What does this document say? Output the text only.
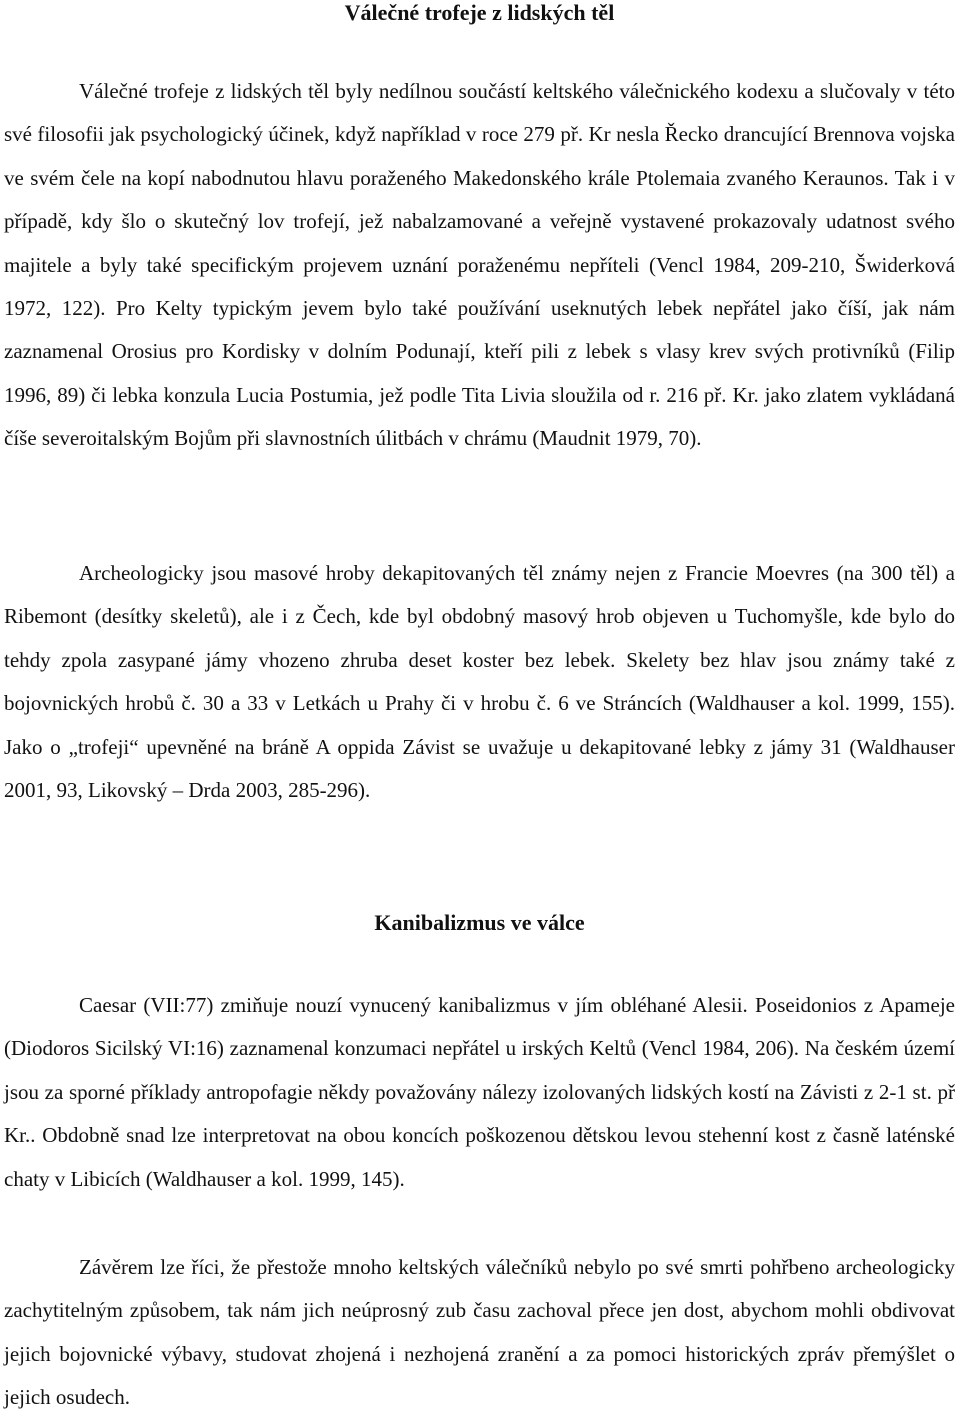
Válečné trofeje z lidských těl

Válečné trofeje z lidských těl byly nedílnou součástí keltského válečnického kodexu a slučovaly v této své filosofii jak psychologický účinek, když například v roce 279 př. Kr nesla Řecko drancující Brennova vojska ve svém čele na kopí nabodnutou hlavu poraženého Makedonského krále Ptolemaia zvaného Keraunos. Tak i v případě, kdy šlo o skutečný lov trofejí, jež nabalzamované a veřejně vystavené prokazovaly udatnost svého majitele a byly také specifickým projevem uznání poraženému nepříteli (Vencl 1984, 209-210, Šwiderková 1972, 122). Pro Kelty typickým jevem bylo také používání useknutých lebek nepřátel jako číší, jak nám zaznamenal Orosius pro Kordisky v dolním Podunají, kteří pili z lebek s vlasy krev svých protivníků (Filip 1996, 89) či lebka konzula Lucia Postumia, jež podle Tita Livia sloužila od r. 216 př. Kr. jako zlatem vykládaná číše severoitalským Bojům při slavnostních úlitbách v chrámu (Maudnit 1979, 70).

Archeologicky jsou masové hroby dekapitovaných těl známy nejen z Francie Moevres (na 300 těl) a Ribemont (desítky skeletů), ale i z Čech, kde byl obdobný masový hrob objeven u Tuchomyšle, kde bylo do tehdy zpola zasypané jámy vhozeno zhruba deset koster bez lebek. Skelety bez hlav jsou známy také z bojovnických hrobů č. 30 a 33 v Letkách u Prahy či v hrobu č. 6 ve Stráncích (Waldhauser a kol. 1999, 155). Jako o „trofeji“ upevněné na bráně A oppida Závist se uvažuje u dekapitované lebky z jámy 31 (Waldhauser 2001, 93, Likovský – Drda 2003, 285-296).

Kanibalizmus ve válce

Caesar (VII:77) zmiňuje nouzí vynucený kanibalizmus v jím obléhané Alesii. Poseidonios z Apameje (Diodoros Sicilský VI:16) zaznamenal konzumaci nepřátel u irských Keltů (Vencl 1984, 206). Na českém území jsou za sporné příklady antropofagie někdy považovány nálezy izolovaných lidských kostí na Závisti z 2-1 st. př Kr.. Obdobně snad lze interpretovat na obou koncích poškozenou dětskou levou stehenní kost z časně laténské chaty v Libicích (Waldhauser a kol. 1999, 145).

Závěrem lze říci, že přestože mnoho keltských válečníků nebylo po své smrti pohřbeno archeologicky zachytitelným způsobem, tak nám jich neúprosný zub času zachoval přece jen dost, abychom mohli obdivovat jejich bojovnické výbavy, studovat zhojená i nezhojená zranění a za pomoci historických zpráv přemýšlet o jejich osudech.
